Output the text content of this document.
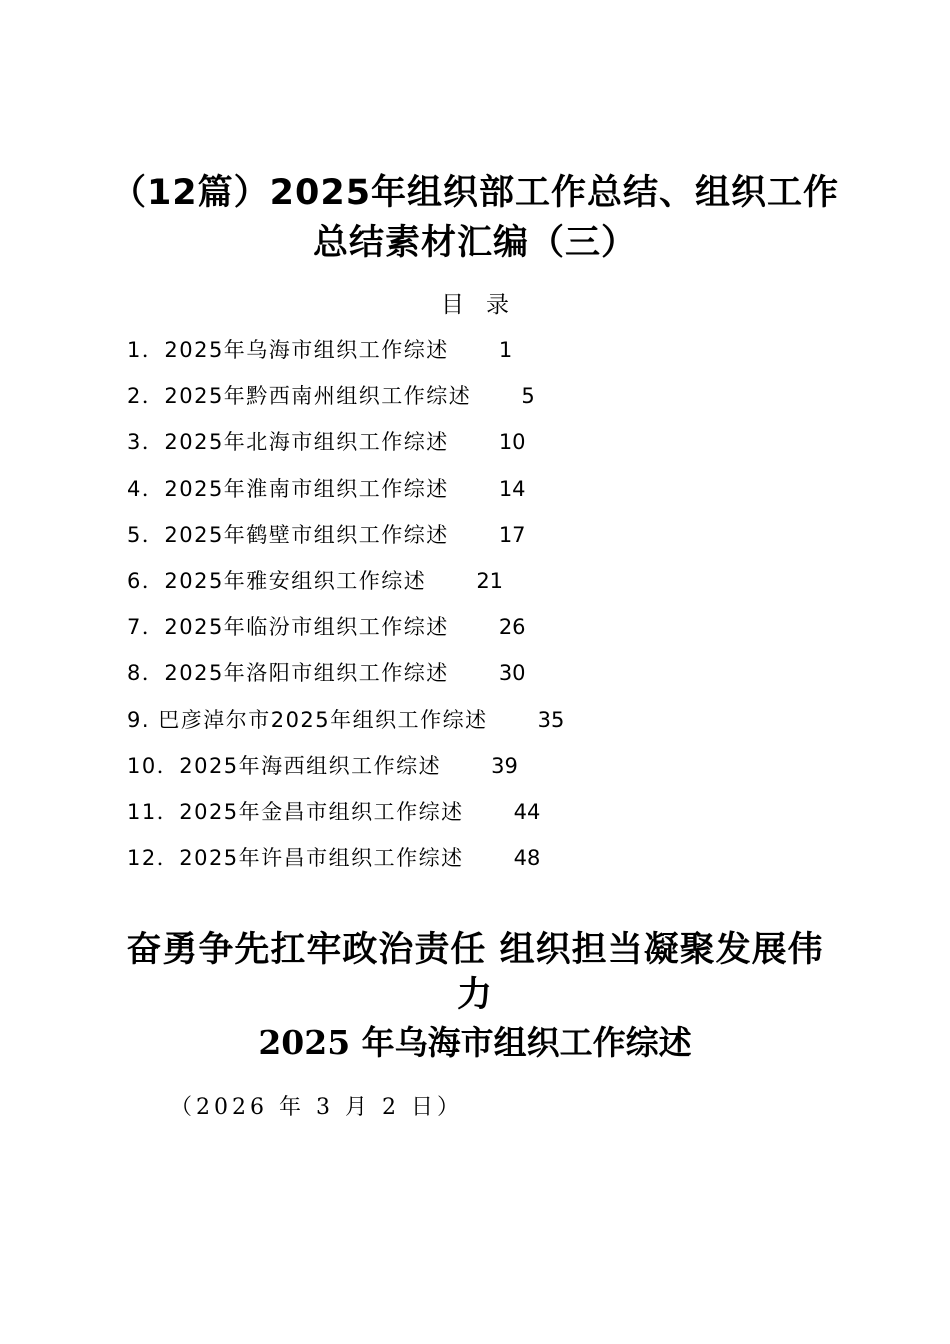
（12篇）2025年组织部工作总结、组织工作
总结素材汇编（三）
目录
1．2025年乌海市组织工作综述 1
2．2025年黔西南州组织工作综述 5
3．2025年北海市组织工作综述 10
4．2025年淮南市组织工作综述 14
5．2025年鹤壁市组织工作综述 17
6．2025年雅安组织工作综述 21
7．2025年临汾市组织工作综述 26
8．2025年洛阳市组织工作综述 30
9. 巴彦淖尔市2025年组织工作综述 35
10．2025年海西组织工作综述 39
11．2025年金昌市组织工作综述 44
12．2025年许昌市组织工作综述 48
奋勇争先扛牢政治责任 组织担当凝聚发展伟
力
2025 年乌海市组织工作综述
（2026 年 3 月 2 日）
